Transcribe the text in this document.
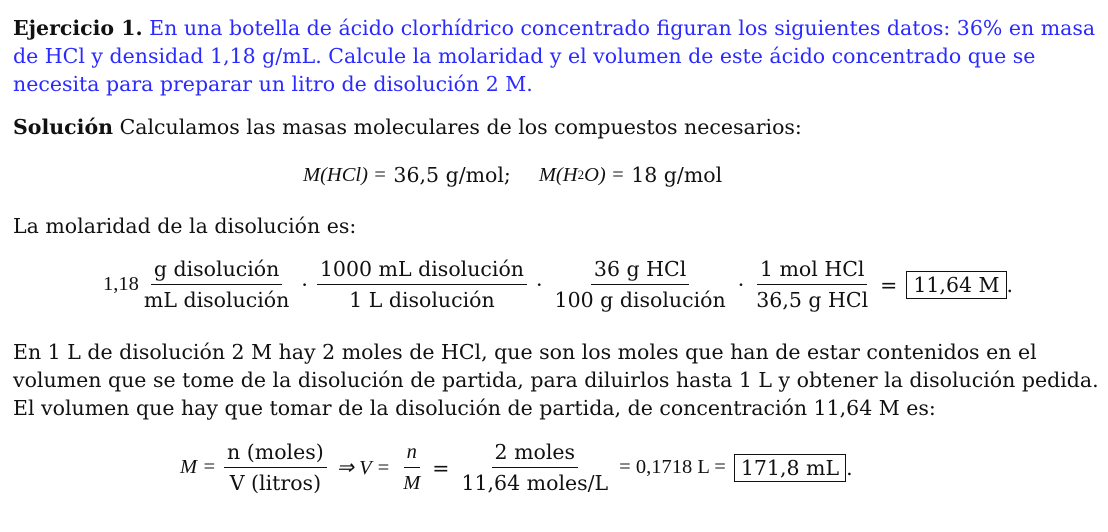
Ejercicio 1. En una botella de ácido clorhídrico concentrado figuran los siguientes datos: 36% en masa
de HCl y densidad 1,18 g/mL. Calcule la molaridad y el volumen de este ácido concentrado que se
necesita para preparar un litro de disolución 2 M.
Solución Calculamos las masas moleculares de los compuestos necesarios:
M(HCl) =
36,5 g/mol; M(H 2 O) =
18 g/mol
La molaridad de la disolución es:
$1,18 \frac{\text{g disolución}}{\text{mL disolución}} \cdot \frac{\text{1000 mL disolución}}{\text{1 L disolución}} \cdot \frac{\text{36 g HCl}}{\text{100 g disolución}} \cdot \frac{\text{1 mol HCl}}{\text{36,5 g HCl}} = 11,64$ M .
En 1 L de disolución 2 M hay 2 moles de HCl, que son los moles que han de estar contenidos en el
volumen que se tome de la disolución de partida, para diluirlos hasta 1 L y obtener la disolución pedida.
El volumen que hay que tomar de la disolución de partida, de concentración 11,64 M es:
$M = \frac{\text{n (moles)}}{\text{V (litros)}}$ ⇒ $V = \frac{n}{M} = \frac{\text{2 moles}}{\text{11,64 moles/L}} = 0,1718$ L = 171,8 mL .
